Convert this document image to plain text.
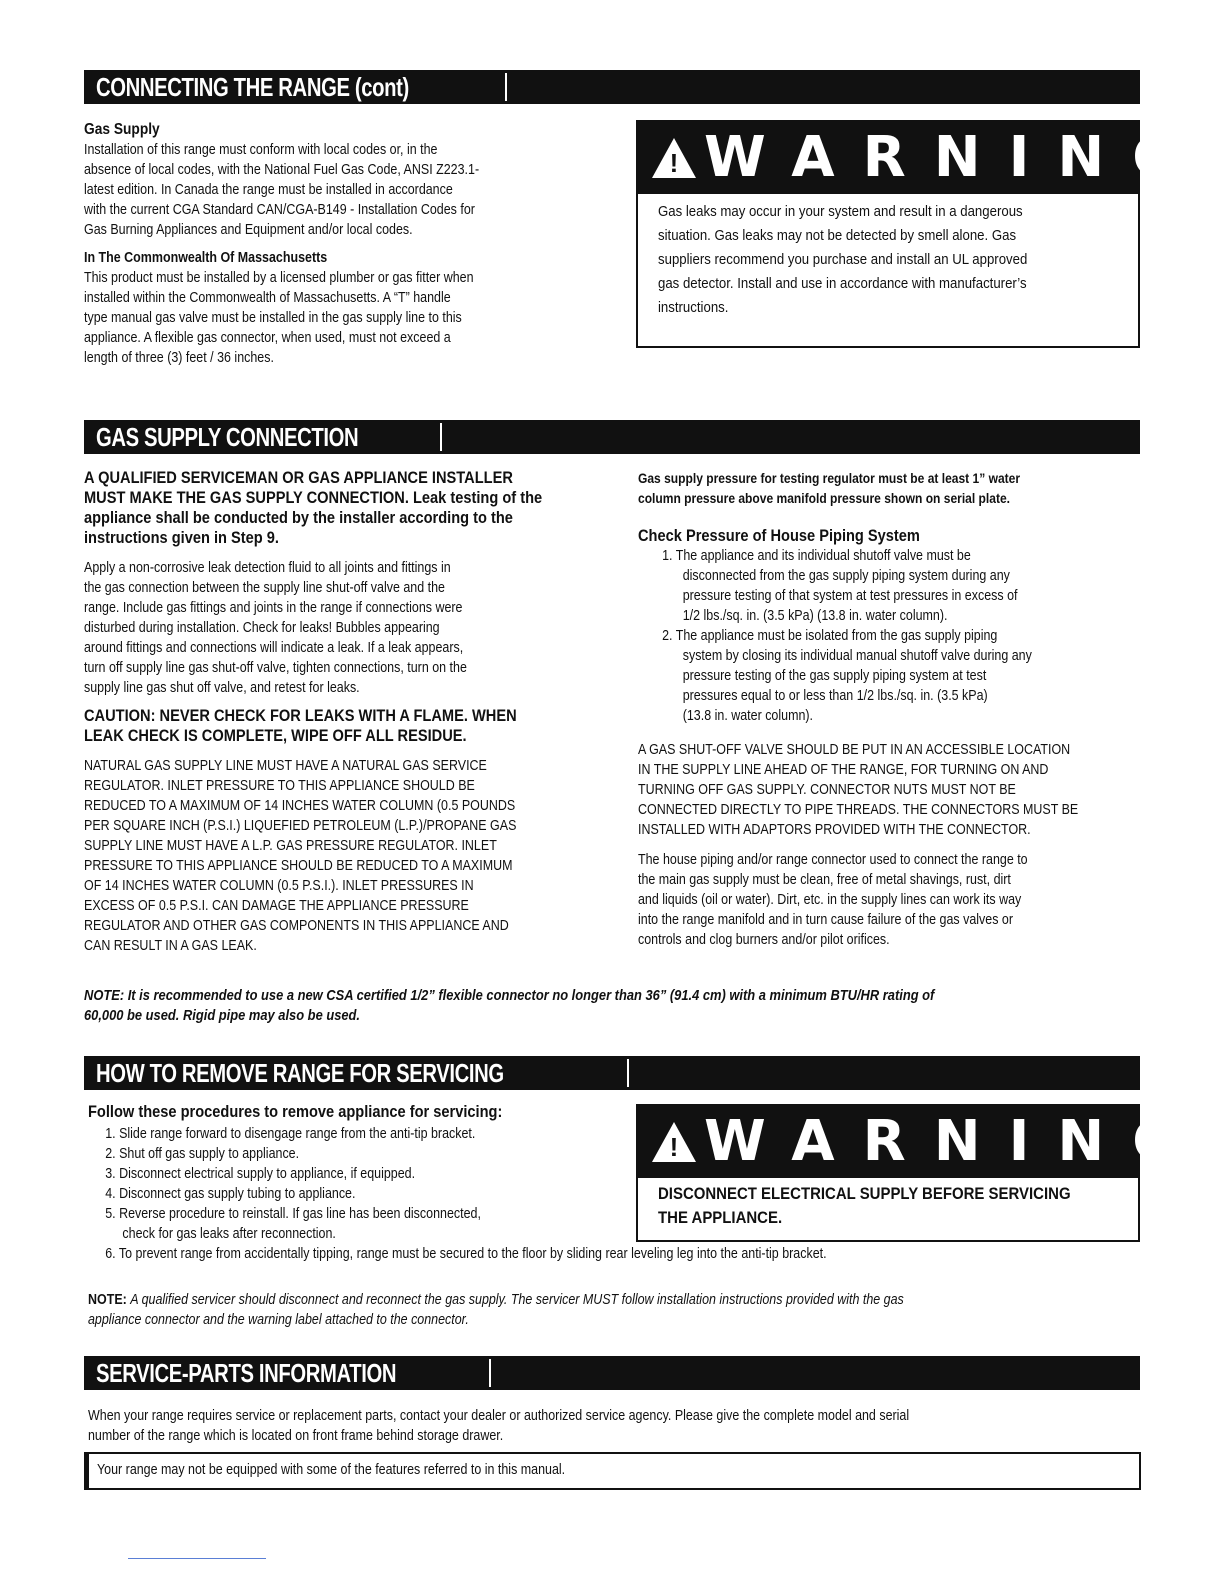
CONNECTING THE RANGE (cont)
Gas Supply
Installation of this range must conform with local codes or, in the
absence of local codes, with the National Fuel Gas Code, ANSI Z223.1-
latest edition. In Canada the range must be installed in accordance
with the current CGA Standard CAN/CGA-B149 - Installation Codes for
Gas Burning Appliances and Equipment and/or local codes.
In The Commonwealth Of Massachusetts
This product must be installed by a licensed plumber or gas fitter when
installed within the Commonwealth of Massachusetts. A “T” handle
type manual gas valve must be installed in the gas supply line to this
appliance. A flexible gas connector, when used, must not exceed a
length of three (3) feet / 36 inches.
! WARNING
Gas leaks may occur in your system and result in a dangerous
situation. Gas leaks may not be detected by smell alone. Gas
suppliers recommend you purchase and install an UL approved
gas detector. Install and use in accordance with manufacturer’s
instructions.
GAS SUPPLY CONNECTION
A QUALIFIED SERVICEMAN OR GAS APPLIANCE INSTALLER
MUST MAKE THE GAS SUPPLY CONNECTION. Leak testing of the
appliance shall be conducted by the installer according to the
instructions given in Step 9.
Apply a non-corrosive leak detection fluid to all joints and fittings in
the gas connection between the supply line shut-off valve and the
range. Include gas fittings and joints in the range if connections were
disturbed during installation. Check for leaks! Bubbles appearing
around fittings and connections will indicate a leak. If a leak appears,
turn off supply line gas shut-off valve, tighten connections, turn on the
supply line gas shut off valve, and retest for leaks.
CAUTION: NEVER CHECK FOR LEAKS WITH A FLAME. WHEN
LEAK CHECK IS COMPLETE, WIPE OFF ALL RESIDUE.
NATURAL GAS SUPPLY LINE MUST HAVE A NATURAL GAS SERVICE
REGULATOR. INLET PRESSURE TO THIS APPLIANCE SHOULD BE
REDUCED TO A MAXIMUM OF 14 INCHES WATER COLUMN (0.5 POUNDS
PER SQUARE INCH (P.S.I.) LIQUEFIED PETROLEUM (L.P.)/PROPANE GAS
SUPPLY LINE MUST HAVE A L.P. GAS PRESSURE REGULATOR. INLET
PRESSURE TO THIS APPLIANCE SHOULD BE REDUCED TO A MAXIMUM
OF 14 INCHES WATER COLUMN (0.5 P.S.I.). INLET PRESSURES IN
EXCESS OF 0.5 P.S.I. CAN DAMAGE THE APPLIANCE PRESSURE
REGULATOR AND OTHER GAS COMPONENTS IN THIS APPLIANCE AND
CAN RESULT IN A GAS LEAK.
Gas supply pressure for testing regulator must be at least 1” water
column pressure above manifold pressure shown on serial plate.
Check Pressure of House Piping System
1. The appliance and its individual shutoff valve must be
disconnected from the gas supply piping system during any
pressure testing of that system at test pressures in excess of
1/2 lbs./sq. in. (3.5 kPa) (13.8 in. water column).
2. The appliance must be isolated from the gas supply piping
system by closing its individual manual shutoff valve during any
pressure testing of the gas supply piping system at test
pressures equal to or less than 1/2 lbs./sq. in. (3.5 kPa)
(13.8 in. water column).
A GAS SHUT-OFF VALVE SHOULD BE PUT IN AN ACCESSIBLE LOCATION
IN THE SUPPLY LINE AHEAD OF THE RANGE, FOR TURNING ON AND
TURNING OFF GAS SUPPLY. CONNECTOR NUTS MUST NOT BE
CONNECTED DIRECTLY TO PIPE THREADS. THE CONNECTORS MUST BE
INSTALLED WITH ADAPTORS PROVIDED WITH THE CONNECTOR.
The house piping and/or range connector used to connect the range to
the main gas supply must be clean, free of metal shavings, rust, dirt
and liquids (oil or water). Dirt, etc. in the supply lines can work its way
into the range manifold and in turn cause failure of the gas valves or
controls and clog burners and/or pilot orifices.
NOTE: It is recommended to use a new CSA certified 1/2” flexible connector no longer than 36” (91.4 cm) with a minimum BTU/HR rating of
60,000 be used. Rigid pipe may also be used.
HOW TO REMOVE RANGE FOR SERVICING
Follow these procedures to remove appliance for servicing:
1. Slide range forward to disengage range from the anti-tip bracket.
2. Shut off gas supply to appliance.
3. Disconnect electrical supply to appliance, if equipped.
4. Disconnect gas supply tubing to appliance.
5. Reverse procedure to reinstall. If gas line has been disconnected,
check for gas leaks after reconnection.
6. To prevent range from accidentally tipping, range must be secured to the floor by sliding rear leveling leg into the anti-tip bracket.
! WARNING
DISCONNECT ELECTRICAL SUPPLY BEFORE SERVICING
THE APPLIANCE.
NOTE: A qualified servicer should disconnect and reconnect the gas supply. The servicer MUST follow installation instructions provided with the gas
appliance connector and the warning label attached to the connector.
SERVICE-PARTS INFORMATION
When your range requires service or replacement parts, contact your dealer or authorized service agency. Please give the complete model and serial
number of the range which is located on front frame behind storage drawer.
Your range may not be equipped with some of the features referred to in this manual.
